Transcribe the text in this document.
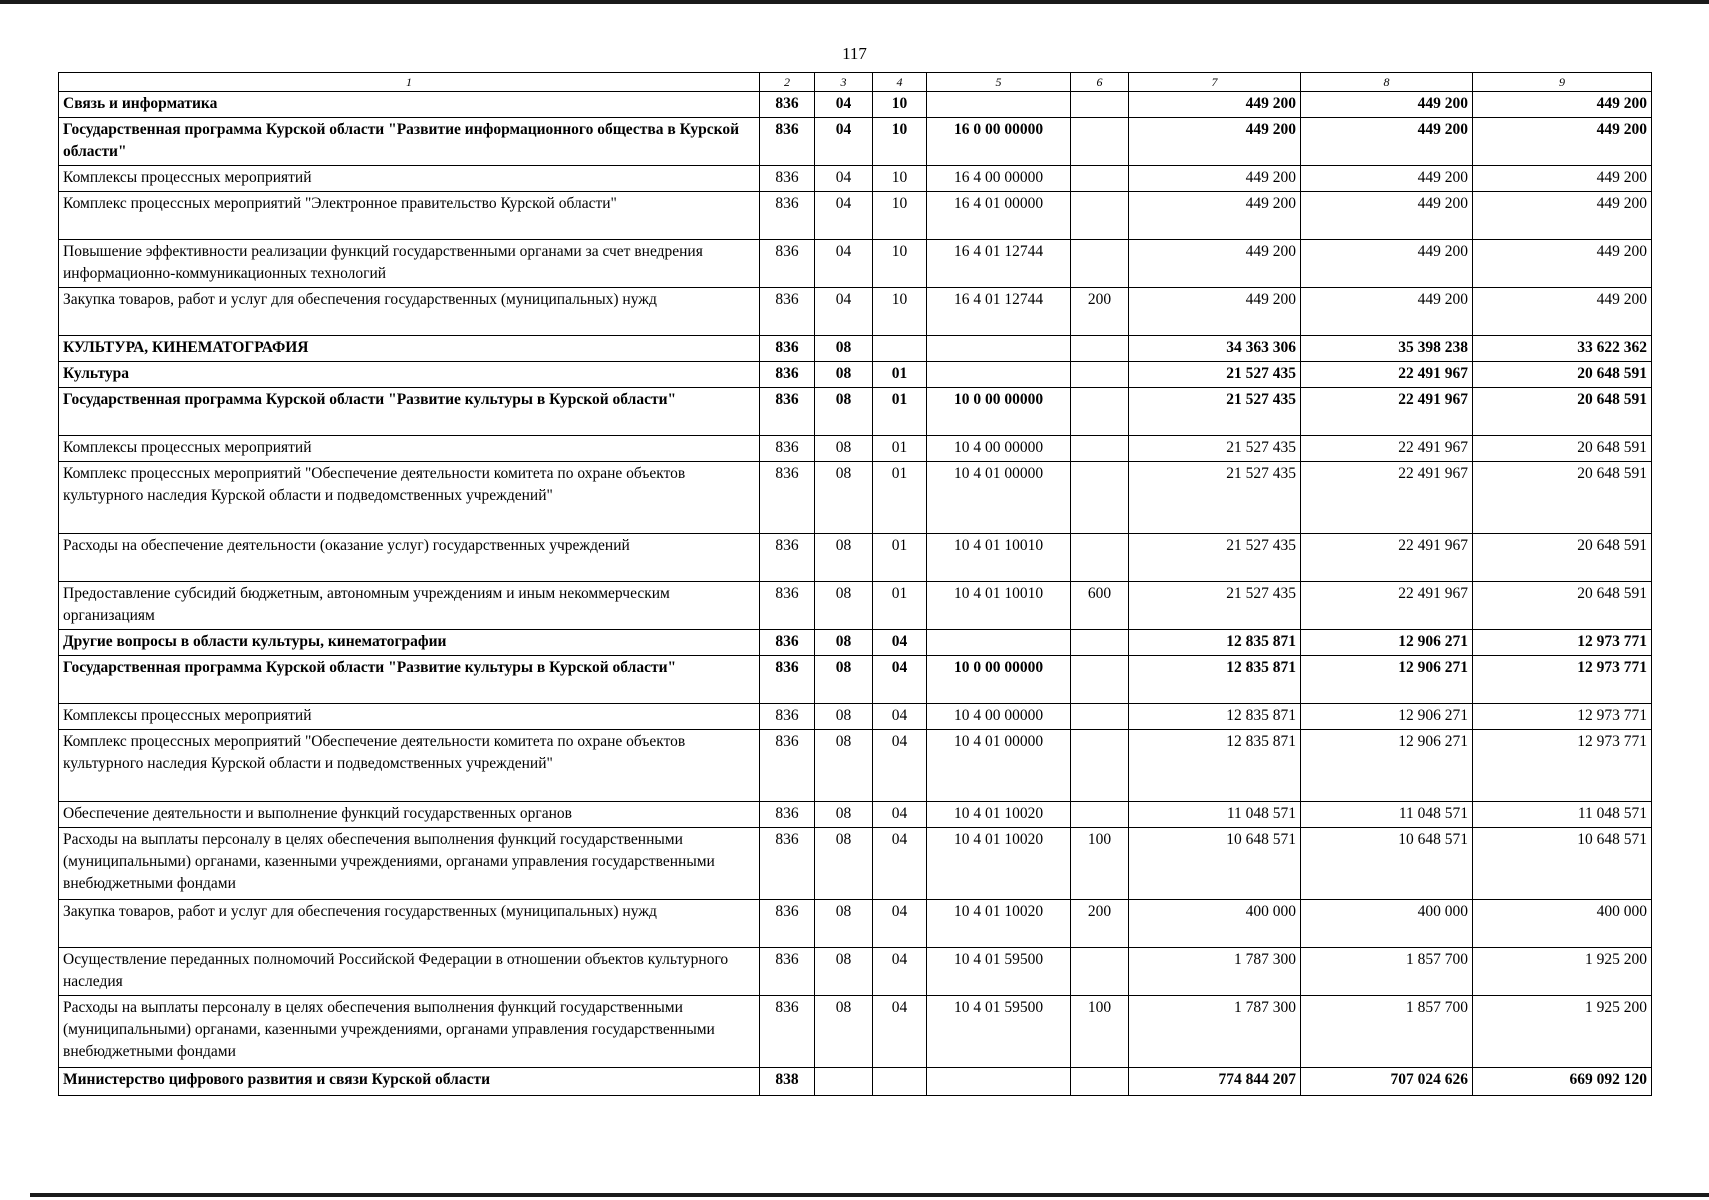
117
1	2	3	4	5	6	7	8	9
Связь и информатика	836	04	10			449 200	449 200	449 200
Государственная программа Курской области "Развитие информационного общества в Курской области"	836	04	10	16 0 00 00000		449 200	449 200	449 200
Комплексы процессных мероприятий	836	04	10	16 4 00 00000		449 200	449 200	449 200
Комплекс процессных мероприятий "Электронное правительство Курской области"	836	04	10	16 4 01 00000		449 200	449 200	449 200
Повышение эффективности реализации функций государственными органами за счет внедрения информационно-коммуникационных технологий	836	04	10	16 4 01 12744		449 200	449 200	449 200
Закупка товаров, работ и услуг для обеспечения государственных (муниципальных) нужд	836	04	10	16 4 01 12744	200	449 200	449 200	449 200
КУЛЬТУРА, КИНЕМАТОГРАФИЯ	836	08				34 363 306	35 398 238	33 622 362
Культура	836	08	01			21 527 435	22 491 967	20 648 591
Государственная программа Курской области "Развитие культуры в Курской области"	836	08	01	10 0 00 00000		21 527 435	22 491 967	20 648 591
Комплексы процессных мероприятий	836	08	01	10 4 00 00000		21 527 435	22 491 967	20 648 591
Комплекс процессных мероприятий "Обеспечение деятельности комитета по охране объектов культурного наследия Курской области и подведомственных учреждений"	836	08	01	10 4 01 00000		21 527 435	22 491 967	20 648 591
Расходы на обеспечение деятельности (оказание услуг) государственных учреждений	836	08	01	10 4 01 10010		21 527 435	22 491 967	20 648 591
Предоставление субсидий бюджетным, автономным учреждениям и иным некоммерческим организациям	836	08	01	10 4 01 10010	600	21 527 435	22 491 967	20 648 591
Другие вопросы в области культуры, кинематографии	836	08	04			12 835 871	12 906 271	12 973 771
Государственная программа Курской области "Развитие культуры в Курской области"	836	08	04	10 0 00 00000		12 835 871	12 906 271	12 973 771
Комплексы процессных мероприятий	836	08	04	10 4 00 00000		12 835 871	12 906 271	12 973 771
Комплекс процессных мероприятий "Обеспечение деятельности комитета по охране объектов культурного наследия Курской области и подведомственных учреждений"	836	08	04	10 4 01 00000		12 835 871	12 906 271	12 973 771
Обеспечение деятельности и выполнение функций государственных органов	836	08	04	10 4 01 10020		11 048 571	11 048 571	11 048 571
Расходы на выплаты персоналу в целях обеспечения выполнения функций государственными (муниципальными) органами, казенными учреждениями, органами управления государственными внебюджетными фондами	836	08	04	10 4 01 10020	100	10 648 571	10 648 571	10 648 571
Закупка товаров, работ и услуг для обеспечения государственных (муниципальных) нужд	836	08	04	10 4 01 10020	200	400 000	400 000	400 000
Осуществление переданных полномочий Российской Федерации в отношении объектов культурного наследия	836	08	04	10 4 01 59500		1 787 300	1 857 700	1 925 200
Расходы на выплаты персоналу в целях обеспечения выполнения функций государственными (муниципальными) органами, казенными учреждениями, органами управления государственными внебюджетными фондами	836	08	04	10 4 01 59500	100	1 787 300	1 857 700	1 925 200
Министерство цифрового развития и связи Курской области	838					774 844 207	707 024 626	669 092 120
